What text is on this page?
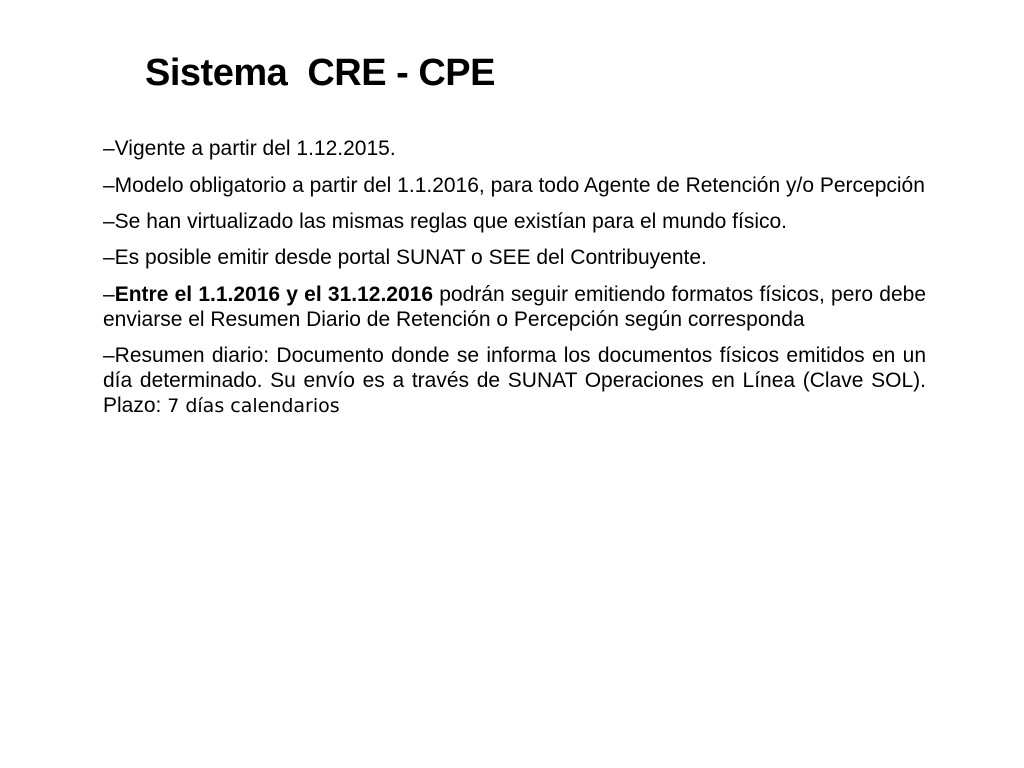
Sistema  CRE - CPE
–Vigente a partir del 1.12.2015.
–Modelo obligatorio a partir del 1.1.2016, para todo Agente de Retención y/o Percepción
–Se han virtualizado las mismas reglas que existían para el mundo físico.
–Es posible emitir desde portal SUNAT o SEE del Contribuyente.
–Entre el 1.1.2016 y el 31.12.2016 podrán seguir emitiendo formatos físicos, pero debe enviarse el Resumen Diario de Retención o Percepción según corresponda
–Resumen diario: Documento donde se informa los documentos físicos emitidos en un día determinado. Su envío es a través de SUNAT Operaciones en Línea (Clave SOL). Plazo: 7 días calendarios
